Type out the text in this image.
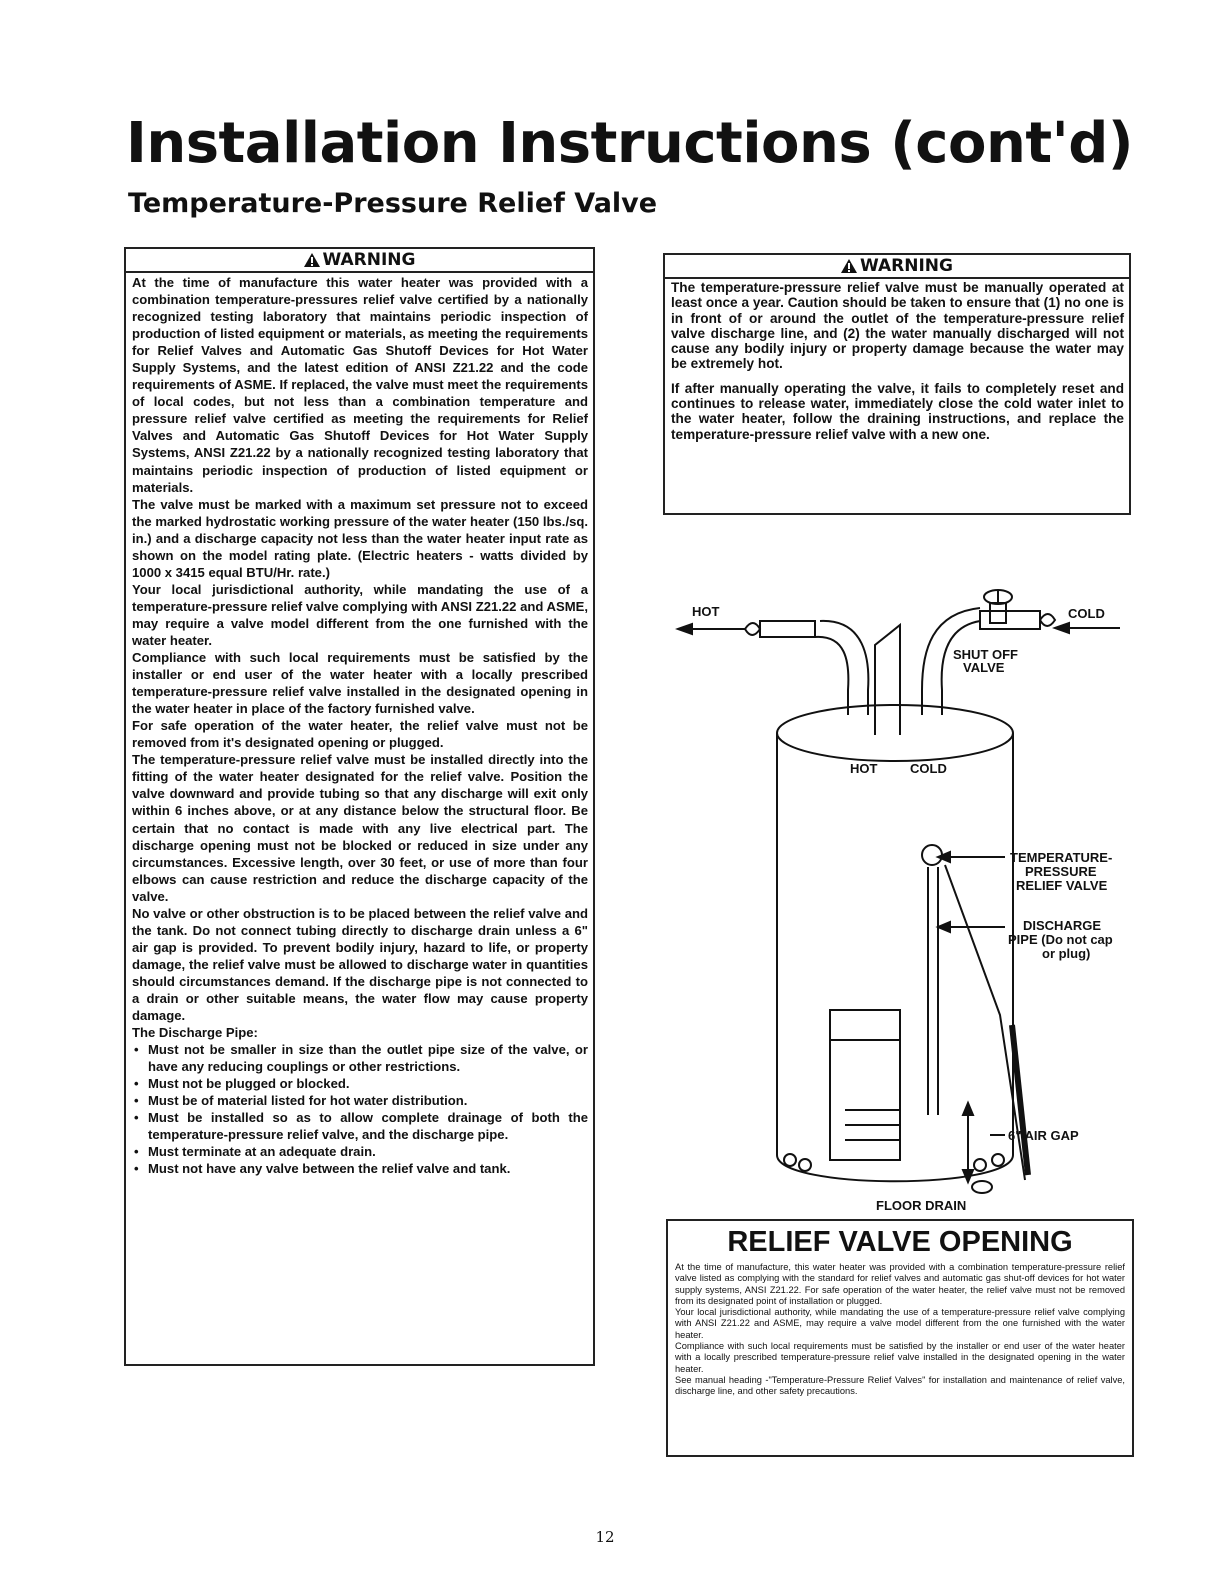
Installation Instructions (cont'd)
Temperature-Pressure Relief Valve
WARNING

At the time of manufacture this water heater was provided with a combination temperature-pressures relief valve certified by a nationally recognized testing laboratory that maintains periodic inspection of production of listed equipment or materials, as meeting the requirements for Relief Valves and Automatic Gas Shutoff Devices for Hot Water Supply Systems, and the latest edition of ANSI Z21.22 and the code requirements of ASME. If replaced, the valve must meet the requirements of local codes, but not less than a combination temperature and pressure relief valve certified as meeting the requirements for Relief Valves and Automatic Gas Shutoff Devices for Hot Water Supply Systems, ANSI Z21.22 by a nationally recognized testing laboratory that maintains periodic inspection of production of listed equipment or materials.

The valve must be marked with a maximum set pressure not to exceed the marked hydrostatic working pressure of the water heater (150 lbs./sq. in.) and a discharge capacity not less than the water heater input rate as shown on the model rating plate. (Electric heaters - watts divided by 1000 x 3415 equal BTU/Hr. rate.)

Your local jurisdictional authority, while mandating the use of a temperature-pressure relief valve complying with ANSI Z21.22 and ASME, may require a valve model different from the one furnished with the water heater.

Compliance with such local requirements must be satisfied by the installer or end user of the water heater with a locally prescribed temperature-pressure relief valve installed in the designated opening in the water heater in place of the factory furnished valve.

For safe operation of the water heater, the relief valve must not be removed from it's designated opening or plugged.

The temperature-pressure relief valve must be installed directly into the fitting of the water heater designated for the relief valve. Position the valve downward and provide tubing so that any discharge will exit only within 6 inches above, or at any distance below the structural floor. Be certain that no contact is made with any live electrical part. The discharge opening must not be blocked or reduced in size under any circumstances. Excessive length, over 30 feet, or use of more than four elbows can cause restriction and reduce the discharge capacity of the valve.

No valve or other obstruction is to be placed between the relief valve and the tank. Do not connect tubing directly to discharge drain unless a 6" air gap is provided. To prevent bodily injury, hazard to life, or property damage, the relief valve must be allowed to discharge water in quantities should circumstances demand. If the discharge pipe is not connected to a drain or other suitable means, the water flow may cause property damage.

The Discharge Pipe:

• Must not be smaller in size than the outlet pipe size of the valve, or have any reducing couplings or other restrictions.
• Must not be plugged or blocked.
• Must be of material listed for hot water distribution.
• Must be installed so as to allow complete drainage of both the temperature-pressure relief valve, and the discharge pipe.
• Must terminate at an adequate drain.
• Must not have any valve between the relief valve and tank.
WARNING

The temperature-pressure relief valve must be manually operated at least once a year. Caution should be taken to ensure that (1) no one is in front of or around the outlet of the temperature-pressure relief valve discharge line, and (2) the water manually discharged will not cause any bodily injury or property damage because the water may be extremely hot.

If after manually operating the valve, it fails to completely reset and continues to release water, immediately close the cold water inlet to the water heater, follow the draining instructions, and replace the temperature-pressure relief valve with a new one.

HOT	COLD
SHUT OFF
VALVE
HOT	COLD
TEMPERATURE-
PRESSURE
RELIEF VALVE
DISCHARGE
PIPE (Do not cap
or plug)
6" AIR GAP
FLOOR DRAIN
RELIEF VALVE OPENING

At the time of manufacture, this water heater was provided with a combination temperature-pressure relief valve listed as complying with the standard for relief valves and automatic gas shut-off devices for hot water supply systems, ANSI Z21.22. For safe operation of the water heater, the relief valve must not be removed from its designated point of installation or plugged.

Your local jurisdictional authority, while mandating the use of a temperature-pressure relief valve complying with ANSI Z21.22 and ASME, may require a valve model different from the one furnished with the water heater.

Compliance with such local requirements must be satisfied by the installer or end user of the water heater with a locally prescribed temperature-pressure relief valve installed in the designated opening in the water heater.

See manual heading -"Temperature-Pressure Relief Valves" for installation and maintenance of relief valve, discharge line, and other safety precautions.

12
